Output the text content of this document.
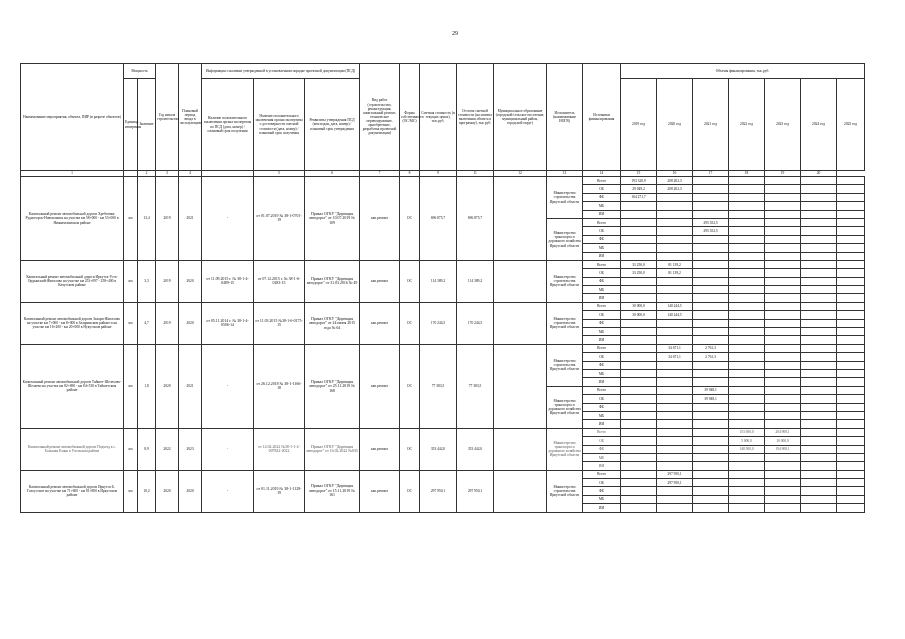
29
Наименование мероприятия, объекта, ПИР (в разрезе объектов)	Мощность		Год начала строительства	Плановый период ввода в эксплуатацию	Информация о наличии утвержденной в установленном порядке проектной документации (ПСД)			Вид работ (строительство, реконструкция, капитальный ремонт, техническое перевооружение, приобретение, разработка проектной документации)	Форма собственности (ОС/МС)	Сметная стоимость (в текущих ценах), тыс.руб.	Остаток сметной стоимости (на момент включения объекта в программу), тыс.руб.	Муниципальное образование (городской/сельское поселение, муниципальный район, городской округ)	Исполнитель (наименование ИОГВ)	Источники финансирования	Объемы финансирования, тыс.руб.						
	Единица измерения	Значение			Наличие положительного заключения органа экспертизы по ПСД (дата, номер) / плановый срок получения	Наличие положительного заключения органа экспертизы о достоверности сметной стоимости (дата, номер) / плановый срок получения	Реквизиты утверждения ПСД (кем издан, дата, номер) / плановый срок утверждения								2019 год	2020 год	2021 год	2022 год	2023 год	2024 год	2025 год
1		2	3	4		5	6	7	8	9	11	12	13	14	15	16	17	18	19	20	
Капитальный ремонт автомобильной дороги Хребтовая-Рудногорск-Новоилимск на участке км 58+000 - км 53+000 в Нижнеилимском районе	км	13,4	2019	2021	-	от 01.07.2019 № 38-1-0701-19	Приказ ОГКУ "Дирекция автодорог" от 10.07.2019 № 109	кап.ремонт	ОС	696 875,7	696 875,7		Министерство строительства Иркутской области	Всего	193 320,9	208 202,3					
														ОБ	29 049,2	208 202,3					
														ФБ	164 271,7						
														МБ							
														ИИ							
													Министерство транспорта и дорожного хозяйства Иркутской области	Всего			295 352,5				
														ОБ			295 352,5				
														ФБ							
														МБ							
														ИИ							
Капитальный ремонт автомобильной дороги Иркутск-Усть-Ордынский-Жигалово на участке км 253+097 - 258+400 в Качугском районе	км	3,3	2019	2020	от 11.09.2015 г. № 38-1-4-0489-15	от 07.12.2015 г. № 38-1-6-0283-15	Приказ ОГКУ "Дирекция автодорог" от 31.03.2016 № 49	кап.ремонт	ОС	114 389,2	114 389,2		Министерство строительства Иркутской области	Всего	33 250,0	81 139,2					
														ОБ	33 250,0	81 139,2					
														ФБ							
														МБ							
														ИИ							
Капитальный ремонт автомобильной дороги Залари-Жигалово на участке км 7+000 - км 8+000 в Заларинском районе и на участке км 16+200 - км 20+000 в Нукутском районе	км	4,7	2019	2020	от 05.11.2014 г. № 38-1-4-0506-14	от 11.03.2015 №38-1-6-0175-15	Приказ ОГКУ "Дирекция автодорог" от 24 июня 2015 года № 64	кап.ремонт	ОС	170 244,5	170 244,5		Министерство строительства Иркутской области	Всего	30 000,0	140 244,5					
														ОБ	30 000,0	140 244,5					
														ФБ							
														МБ							
														ИИ							
Капитальный ремонт автомобильной дороги Тайшет-Шелехово-Шелаево на участке км 82+690 - км 84+530 в Тайшетском районе	км	1,8	2020	2021	-	от 26.12.2018 № 38-1-1166-18	Приказ ОГКУ "Дирекция автодорог" от 25.11.2019 № 168	кап.ремонт	ОС	77 383,5	77 383,5		Министерство строительства Иркутской области	Всего		34 671,1	2 761,3				
														ОБ		34 671,1	2 761,3				
														ФБ							
														МБ							
														ИИ							
													Министерство транспорта и дорожного хозяйства Иркутской области	Всего			39 948,1				
														ОБ			39 948,1				
														ФБ							
														МБ							
														ИИ							
Капитальный ремонт автомобильной дороги Подъезд к с. Большая Елань в Усольском районе	км	8,9	2022	2023	-	от 14.02.2022 №38-1-1-2-007822-2022	Приказ ОГКУ "Дирекция автодорог" от 16.02.2022 №035	кап.ремонт	ОС	353 442,0	353 442,0		Министерство транспорта и дорожного хозяйства Иркутской области	Всего				153 500,0	204 908,1		
														ОБ				5 000,0	10 000,0		
														ФБ				148 500,0	194 908,1		
														МБ							
														ИИ							
Капитальный ремонт автомобильной дороги Иркутск-Б. Голоустное на участке км 71+600 - км 81+800 в Иркутском районе	км	10,2	2020	2020	-	от 01.11.2019 № 38-1-1128-19	Приказ ОГКУ "Дирекция автодорог" от 15.11.2019 № 161	кап.ремонт	ОС	297 950,1	297 950,1		Министерство строительства Иркутской области	Всего		297 950,1					
														ОБ		297 950,1					
														ФБ							
														МБ							
														ИИ							
